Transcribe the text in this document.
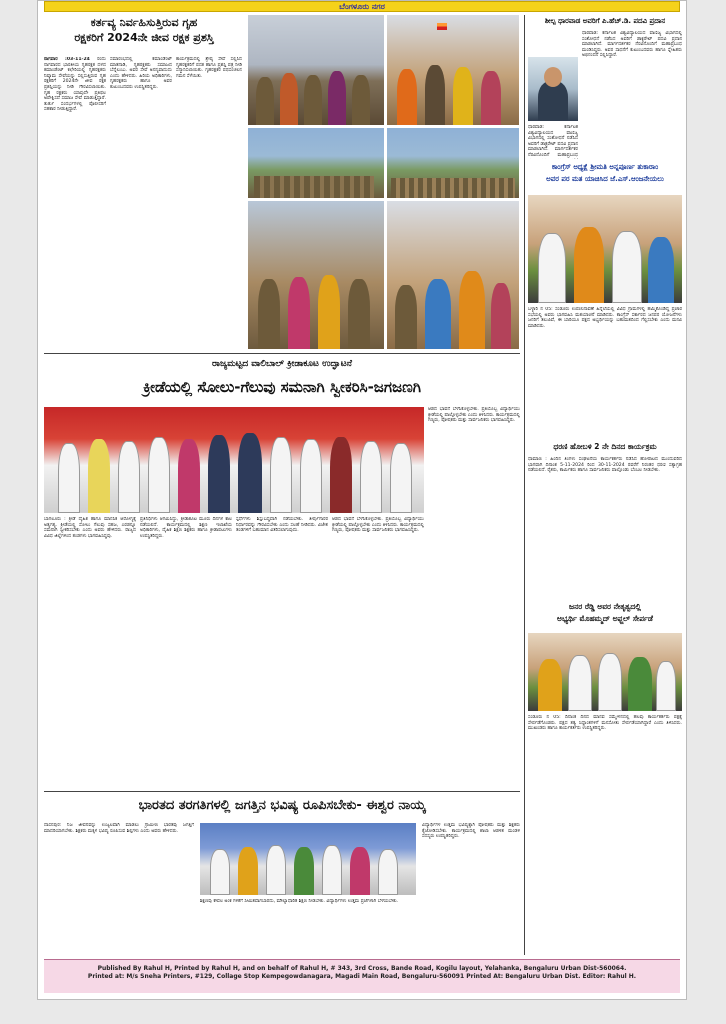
ಬೆಂಗಳೂರು ನಗರ
ಕರ್ತವ್ಯ ನಿರ್ವಹಿಸುತ್ತಿರುವ ಗೃಹ
ರಕ್ಷಕರಿಗೆ 2024ನೇ ಜೀವ ರಕ್ಷಕ ಪ್ರಶಸ್ತಿ

ನಾಗವಾರ :03-11-24 ರಂದು ನಾಗವಾರದ ಭಾರತೀಯ ಗೃಹರಕ್ಷಕ ದಳದ ಕಮಾಂಡೆಂಟ್ ಕಛೇರಿಯಲ್ಲಿ ಗೃಹರಕ್ಷಕರು ನಿಷ್ಕಾಮ ಸೇವೆಯನ್ನು ಸಲ್ಲಿಸುತ್ತಿರುವ ಗೃಹ ರಕ್ಷಕರಿಗೆ 2024ನೇ ಜೀವ ರಕ್ಷಕ ಪ್ರಶಸ್ತಿಯನ್ನು ನೀಡಿ ಗೌರವಿಸಲಾಯಿತು. ಗೃಹ ರಕ್ಷಕರು ಯಾವುದೇ ಪ್ರತಿಫಲ ಅಪೇಕ್ಷಿಸದೆ ಸಮಾಜ ಸೇವೆ ಮಾಡುತ್ತಿದ್ದಾರೆ. ತುರ್ತು ಸಂದರ್ಭಗಳಲ್ಲಿ ಪೊಲೀಸರಿಗೆ ಸಹಕಾರ ನೀಡುತ್ತಿದ್ದಾರೆ.

ಸಮಾರಂಭದಲ್ಲಿ ಕಮಾಂಡೆಂಟ್ ಮಾತನಾಡಿ, ಗೃಹರಕ್ಷಕರು ಸಮಾಜದ ಬೆನ್ನೆಲುಬು. ಅವರ ಸೇವೆ ಅನನ್ಯವಾದುದು ಎಂದು ಹೇಳಿದರು. ಹಿರಿಯ ಅಧಿಕಾರಿಗಳು, ಗೃಹರಕ್ಷಕರು ಹಾಗೂ ಅವರ ಕುಟುಂಬದವರು ಉಪಸ್ಥಿತರಿದ್ದರು.

ಕಾರ್ಯಕ್ರಮದಲ್ಲಿ ಶ್ರೇಷ್ಠ ಸೇವೆ ಸಲ್ಲಿಸಿದ ಗೃಹರಕ್ಷಕರಿಗೆ ಪದಕ ಹಾಗೂ ಪ್ರಶಸ್ತಿ ಪತ್ರ ನೀಡಿ ಸನ್ಮಾನಿಸಲಾಯಿತು. ಗೃಹರಕ್ಷಕರ ಪಥಸಂಚಲನ ಗಮನ ಸೆಳೆಯಿತು.

ರಾಜ್ಯಮಟ್ಟದ ವಾಲಿಬಾಲ್ ಕ್ರೀಡಾಕೂಟ ಉದ್ಘಾಟನೆ
ಕ್ರೀಡೆಯಲ್ಲಿ ಸೋಲು-ಗೆಲುವು ಸಮನಾಗಿ ಸ್ವೀಕರಿಸಿ-ಜಗಜಣಗಿ

ಬಾಗಲೂರು : ಕ್ರೀಡೆ ದೈಹಿಕ ಹಾಗೂ ಮಾನಸಿಕ ಆರೋಗ್ಯಕ್ಕೆ ಅತ್ಯಗತ್ಯ. ಕ್ರೀಡೆಯಲ್ಲಿ ಸೋಲು ಗೆಲುವು ಸಹಜ, ಎರಡನ್ನೂ ಸಮನಾಗಿ ಸ್ವೀಕರಿಸಬೇಕು ಎಂದು ಅವರು ಹೇಳಿದರು. ರಾಜ್ಯದ ವಿವಿಧ ಜಿಲ್ಲೆಗಳಿಂದ ತಂಡಗಳು ಭಾಗವಹಿಸಿದ್ದವು.

ಪ್ರತಿನಿಧಿಗಳು ಆಗಮಿಸಿದ್ದು, ಕ್ರೀಡಾಕೂಟ ಮೂರು ದಿನಗಳ ಕಾಲ ನಡೆಯಲಿದೆ. ಕಾರ್ಯಕ್ರಮದಲ್ಲಿ ಶಿಕ್ಷಣ ಇಲಾಖೆಯ ಅಧಿಕಾರಿಗಳು, ದೈಹಿಕ ಶಿಕ್ಷಣ ಶಿಕ್ಷಕರು ಹಾಗೂ ಕ್ರೀಡಾಪಟುಗಳು ಉಪಸ್ಥಿತರಿದ್ದರು.

ಸ್ಪರ್ಧೆಗಳು ಶಿಸ್ತುಬದ್ಧವಾಗಿ ನಡೆಯಬೇಕು. ತೀರ್ಪುಗಾರರ ನಿರ್ಧಾರವನ್ನು ಗೌರವಿಸಬೇಕು ಎಂದು ಸಲಹೆ ನೀಡಿದರು. ವಿಜೇತ ತಂಡಗಳಿಗೆ ಬಹುಮಾನ ವಿತರಿಸಲಾಗುವುದು.

ಆಡದ ಭಾವನೆ ಬೆಳೆಸಿಕೊಳ್ಳಬೇಕು. ಪ್ರತಿಯೊಬ್ಬ ವಿದ್ಯಾರ್ಥಿಯು ಕ್ರೀಡೆಯಲ್ಲಿ ಪಾಲ್ಗೊಳ್ಳಬೇಕು ಎಂದು ತಿಳಿಸಿದರು. ಕಾರ್ಯಕ್ರಮದಲ್ಲಿ ಗಣ್ಯರು, ಪೋಷಕರು ಮತ್ತು ಸಾರ್ವಜನಿಕರು ಭಾಗವಹಿಸಿದ್ದರು.

ಆಡದ ಭಾವನೆ ಬೆಳೆಸಿಕೊಳ್ಳಬೇಕು. ಪ್ರತಿಯೊಬ್ಬ ವಿದ್ಯಾರ್ಥಿಯು ಕ್ರೀಡೆಯಲ್ಲಿ ಪಾಲ್ಗೊಳ್ಳಬೇಕು ಎಂದು ತಿಳಿಸಿದರು. ಕಾರ್ಯಕ್ರಮದಲ್ಲಿ ಗಣ್ಯರು, ಪೋಷಕರು ಮತ್ತು ಸಾರ್ವಜನಿಕರು ಭಾಗವಹಿಸಿದ್ದರು.

ಭಾರತದ ತರಗತಿಗಳಲ್ಲಿ ಜಗತ್ತಿನ ಭವಿಷ್ಯ ರೂಪಿಸಬೇಕು- ಈಶ್ವರ ನಾಯ್ಕ

ದಾಸನಪುರ: ನಿಜ ಜೀವನವನ್ನು ಉಜ್ವಲವಾಗಿ ಮಾಡಲು ಗ್ರಾಮೀಣ ಭಾರತವು ಜಗತ್ತಿಗೆ ಮಾದರಿಯಾಗಬೇಕು. ಶಿಕ್ಷಕರು ಮಕ್ಕಳ ಭವಿಷ್ಯ ರೂಪಿಸುವ ಶಿಲ್ಪಿಗಳು ಎಂದು ಅವರು ಹೇಳಿದರು.

ಶಿಕ್ಷಣವು ಕೇವಲ ಅಂಕ ಗಳಿಕೆಗೆ ಸೀಮಿತವಾಗಬಾರದು, ಮೌಲ್ಯಾಧಾರಿತ ಶಿಕ್ಷಣ ನೀಡಬೇಕು. ವಿದ್ಯಾರ್ಥಿಗಳು ಉತ್ತಮ ಪ್ರಜೆಗಳಾಗಿ ಬೆಳೆಯಬೇಕು.

ವಿದ್ಯಾರ್ಥಿಗಳ ಉತ್ತಮ ಭವಿಷ್ಯಕ್ಕಾಗಿ ಪೋಷಕರು ಮತ್ತು ಶಿಕ್ಷಕರು ಕೈಜೋಡಿಸಬೇಕು. ಕಾರ್ಯಕ್ರಮದಲ್ಲಿ ಶಾಲಾ ಆಡಳಿತ ಮಂಡಳಿ ಸದಸ್ಯರು ಉಪಸ್ಥಿತರಿದ್ದರು.

ಶೀಲ್ಪ ಧಾರವಾಡ ಅವರಿಗೆ ಪಿ.ಹೆಚ್.ಡಿ. ಪದವಿ ಪ್ರದಾನ

ಧಾರವಾಡ: ಕರ್ನಾಟಕ ವಿಶ್ವವಿದ್ಯಾಲಯದ ವಾಣಿಜ್ಯ ವಿಭಾಗದಲ್ಲಿ ಸಂಶೋಧನೆ ನಡೆಸಿದ ಅವರಿಗೆ ಡಾಕ್ಟರೇಟ್ ಪದವಿ ಪ್ರದಾನ ಮಾಡಲಾಗಿದೆ. ಮಾರ್ಗದರ್ಶಕರ ನೆರವಿನೊಂದಿಗೆ ಮಹಾಪ್ರಬಂಧ ಮಂಡಿಸಿದ್ದರು. ಅವರ ಸಾಧನೆಗೆ ಕುಟುಂಬದವರು ಹಾಗೂ ಸ್ನೇಹಿತರು ಅಭಿನಂದನೆ ಸಲ್ಲಿಸಿದ್ದಾರೆ.

ಧಾರವಾಡ: ಕರ್ನಾಟಕ ವಿಶ್ವವಿದ್ಯಾಲಯದ ವಾಣಿಜ್ಯ ವಿಭಾಗದಲ್ಲಿ ಸಂಶೋಧನೆ ನಡೆಸಿದ ಅವರಿಗೆ ಡಾಕ್ಟರೇಟ್ ಪದವಿ ಪ್ರದಾನ ಮಾಡಲಾಗಿದೆ. ಮಾರ್ಗದರ್ಶಕರ ನೆರವಿನೊಂದಿಗೆ ಮಹಾಪ್ರಬಂಧ

ಕಾಂಗ್ರೆಸ್ ಅಧ್ಯಕ್ಷೆ ಶ್ರೀಮತಿ ಅನ್ನಪೂರ್ಣ ತುಕಾರಾಂ
ಅವರ ಪರ ಮತ ಯಾಚಿಸಿದ ಜೆ.ಎಸ್.ಆಂಜನೇಯಲು

ಬಳ್ಳಾರಿ ನ 05: ಸಂಡೂರು ಉಪಚುನಾವಣೆ ಹಿನ್ನೆಲೆಯಲ್ಲಿ ವಿವಿಧ ಗ್ರಾಮಗಳಲ್ಲಿ ಹಮ್ಮಿಕೊಂಡಿದ್ದ ಪ್ರಚಾರ ಸಭೆಯಲ್ಲಿ ಅವರು ಭಾಗವಹಿಸಿ ಮತಯಾಚನೆ ಮಾಡಿದರು. ಕಾಂಗ್ರೆಸ್ ಸರ್ಕಾರದ ಜನಪರ ಯೋಜನೆಗಳು ಜನರಿಗೆ ತಲುಪಿವೆ, ಈ ಬಾರಿಯೂ ಪಕ್ಷದ ಅಭ್ಯರ್ಥಿಯನ್ನು ಬಹುಮತದಿಂದ ಗೆಲ್ಲಿಸಬೇಕು ಎಂದು ಮನವಿ ಮಾಡಿದರು.

ಧರಣಿ ಹೋಬಳಿ 2 ನೇ ದಿನದ ಕಾರ್ಯಕ್ರಮ

ಧಾಮಾಣ : ಹಿಂದಿನ ತಿಂಗಳು ಸಂಘಟನೆಯ ಕಾರ್ಯಕರ್ತರು ನಡೆಸಿದ ಹೋರಾಟದ ಮುಂದುವರಿದ ಭಾಗವಾಗಿ ದಿನಾಂಕ 5-11-2024 ರಿಂದ 30-11-2024 ರವರೆಗೆ ನಿರಂತರ ಧರಣಿ ಸತ್ಯಾಗ್ರಹ ನಡೆಯಲಿದೆ. ರೈತರು, ಕಾರ್ಮಿಕರು ಹಾಗೂ ಸಾರ್ವಜನಿಕರು ಪಾಲ್ಗೊಂಡು ಬೆಂಬಲ ನೀಡಬೇಕು.

ಜನರ ರೆಡ್ಡಿ ಅವರ ನೇತೃತ್ವದಲ್ಲಿ
ಅಭ್ಯರ್ಥಿ ಮೊಹಮ್ಮದ್ ಅಫ್ಜಲ್ ಸೇರ್ಪಡೆ

ಸಂಡೂರು ನ 05: ದಿನಾಂಕ ದಿನದ ಮಾನವ ಸಮ್ಮೇಳನದಲ್ಲಿ ಹಲವು ಕಾರ್ಯಕರ್ತರು ಪಕ್ಷಕ್ಕೆ ಸೇರ್ಪಡೆಗೊಂಡರು. ಪಕ್ಷದ ತತ್ವ ಸಿದ್ಧಾಂತಗಳಿಗೆ ಮನಸೋತು ಸೇರ್ಪಡೆಯಾಗಿದ್ದಾರೆ ಎಂದು ತಿಳಿಸಿದರು. ಮುಖಂಡರು ಹಾಗೂ ಕಾರ್ಯಕರ್ತರು ಉಪಸ್ಥಿತರಿದ್ದರು.

Published By Rahul H, Printed by Rahul H, and on behalf of Rahul H, # 343, 3rd Cross, Bande Road, Kogilu layout, Yelahanka, Bengaluru Urban Dist-560064.
Printed at: M/s Sneha Printers, #129, Collage Stop Kempegowdanagara, Magadi Main Road, Bengaluru-560091 Printed At: Bengaluru Urban Dist. Editor: Rahul H.
